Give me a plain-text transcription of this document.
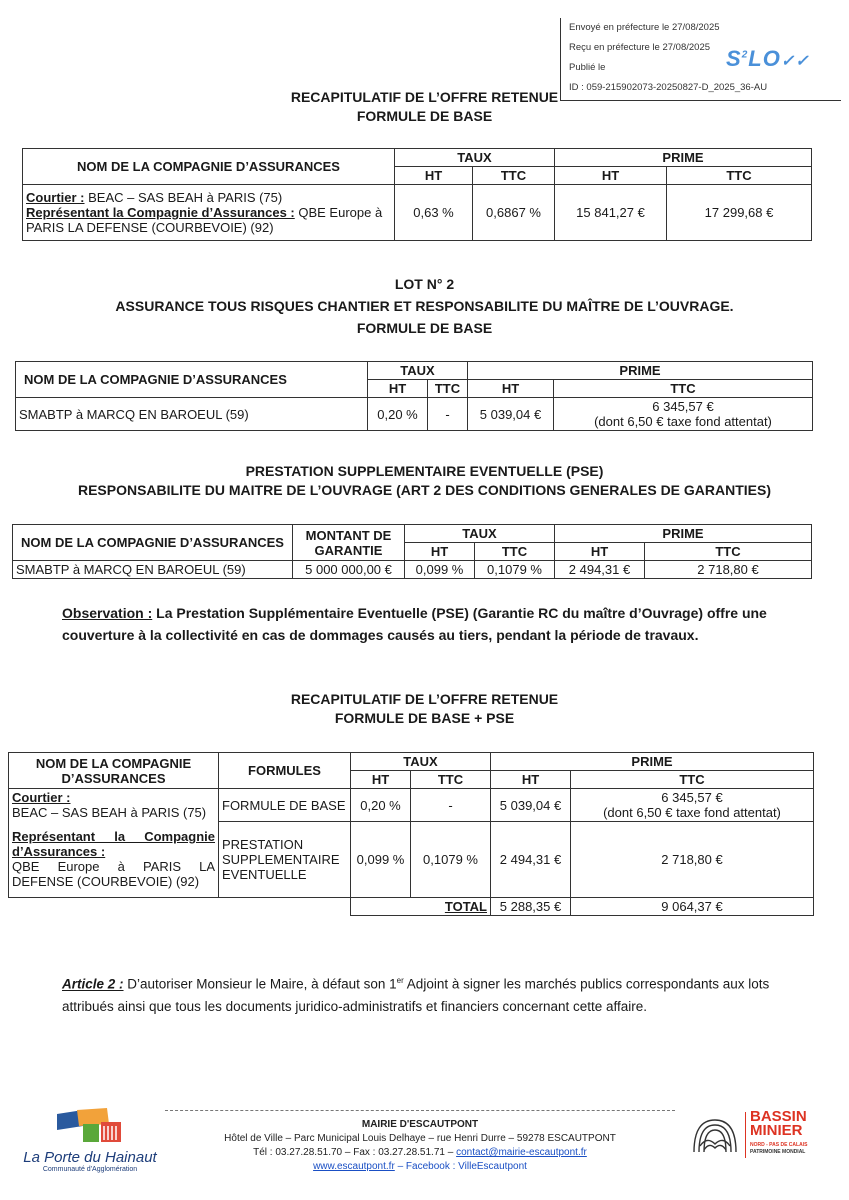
Envoyé en préfecture le 27/08/2025
Reçu en préfecture le 27/08/2025
Publié le
ID : 059-215902073-20250827-D_2025_36-AU
$S^2LO✓✓$
RECAPITULATIF DE L’OFFRE RETENUE
FORMULE DE BASE
NOM DE LA COMPAGNIE D’ASSURANCES	TAUX		PRIME	
	HT	TTC	HT	TTC
Courtier : BEAC – SAS BEAH à PARIS (75)
Représentant la Compagnie d’Assurances : QBE Europe à PARIS LA DEFENSE (COURBEVOIE) (92)	0,63 %	0,6867 %	15 841,27 €	17 299,68 €
LOT N° 2
ASSURANCE TOUS RISQUES CHANTIER ET RESPONSABILITE DU MAÎTRE DE L’OUVRAGE.
FORMULE DE BASE
NOM DE LA COMPAGNIE D’ASSURANCES	TAUX		PRIME	
	HT	TTC	HT	TTC
SMABTP à MARCQ EN BAROEUL (59)	0,20 %	-	5 039,04 €	6 345,57 €
(dont 6,50 € taxe fond attentat)
PRESTATION SUPPLEMENTAIRE EVENTUELLE (PSE)
RESPONSABILITE DU MAITRE DE L’OUVRAGE (ART 2 DES CONDITIONS GENERALES DE GARANTIES)
NOM DE LA COMPAGNIE D’ASSURANCES	MONTANT DE GARANTIE	TAUX		PRIME	
		HT	TTC	HT	TTC
SMABTP à MARCQ EN BAROEUL (59)	5 000 000,00 €	0,099 %	0,1079 %	2 494,31 €	2 718,80 €
Observation : La Prestation Supplémentaire Eventuelle (PSE) (Garantie RC du maître d’Ouvrage) offre une couverture à la collectivité en cas de dommages causés au tiers, pendant la période de travaux.
RECAPITULATIF DE L’OFFRE RETENUE
FORMULE DE BASE + PSE
NOM DE LA COMPAGNIE D’ASSURANCES	FORMULES	TAUX		PRIME	
		HT	TTC	HT	TTC

Courtier :
BEAC – SAS BEAH à PARIS (75)
	FORMULE DE BASE	0,20 %	-	5 039,04 €	6 345,57 €
(dont 6,50 € taxe fond attentat)

Représentant la Compagnie d’Assurances :
QBE Europe à PARIS LA DEFENSE (COURBEVOIE) (92)	PRESTATION SUPPLEMENTAIRE EVENTUELLE	0,099 %	0,1079 %	2 494,31 €	2 718,80 €
		TOTAL		5 288,35 €	9 064,37 €
Article 2 : D’autoriser Monsieur le Maire, à défaut son 1er Adjoint à signer les marchés publics correspondants aux lots attribués ainsi que tous les documents juridico-administratifs et financiers concernant cette affaire.
La Porte du Hainaut
Communauté d'Agglomération
MAIRIE D'ESCAUTPONT
Hôtel de Ville – Parc Municipal Louis Delhaye – rue Henri Durre – 59278 ESCAUTPONT
Tél : 03.27.28.51.70 – Fax : 03.27.28.51.71 – contact@mairie-escautpont.fr
www.escautpont.fr – Facebook : VilleEscautpont
BASSIN
MINIER
NORD - PAS DE CALAIS
PATRIMOINE MONDIAL
